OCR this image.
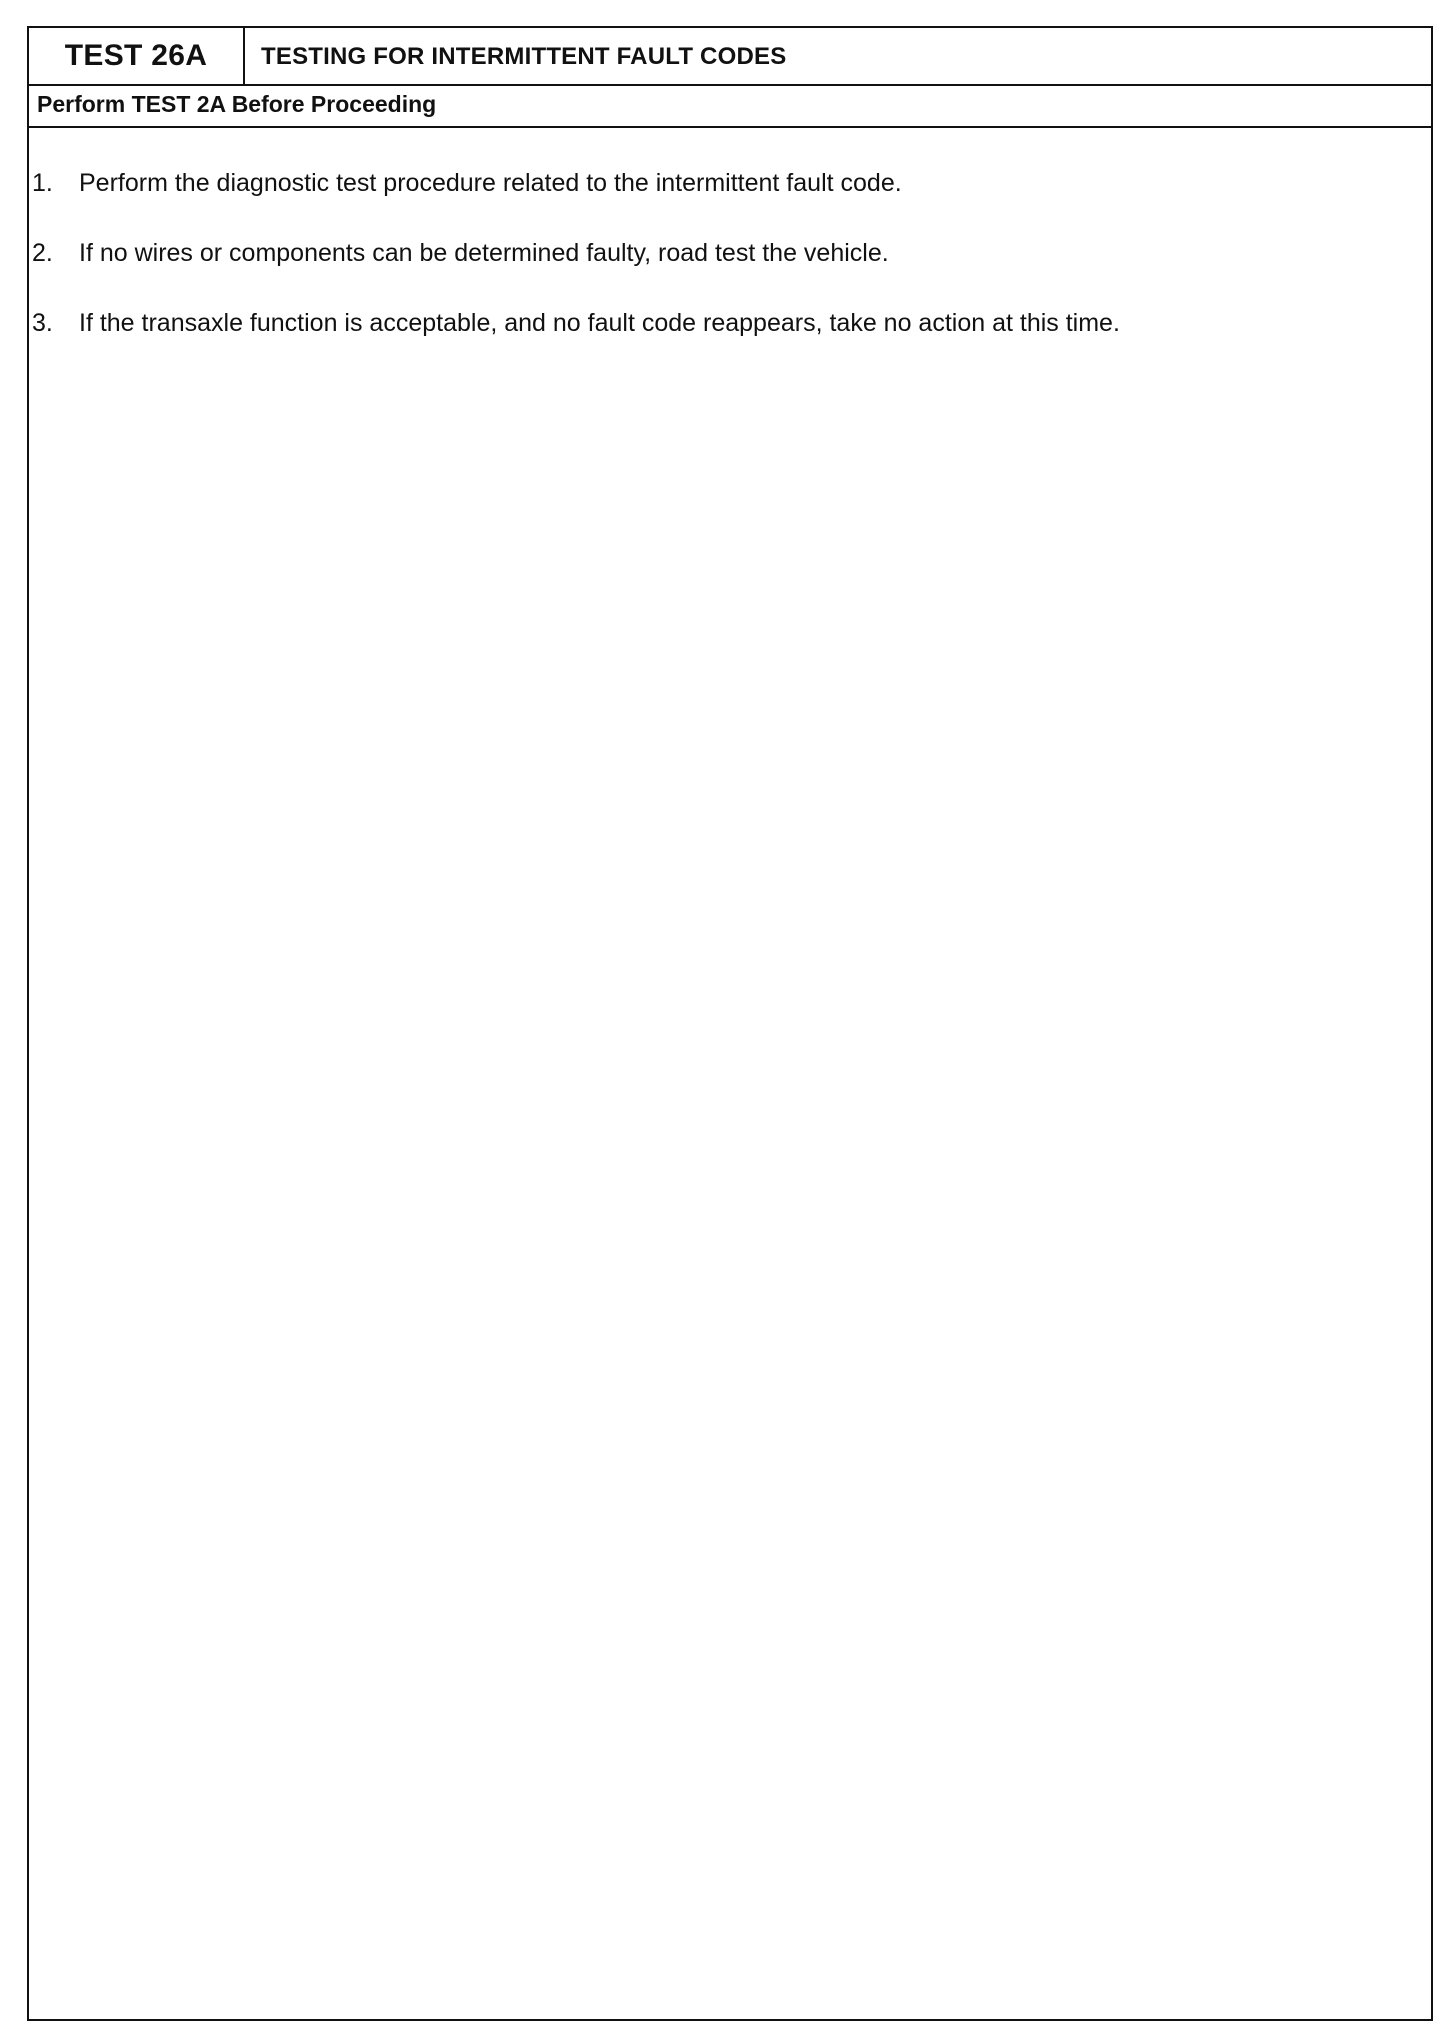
TEST 26A	TESTING FOR INTERMITTENT FAULT CODES
Perform TEST 2A Before Proceeding
1. Perform the diagnostic test procedure related to the intermittent fault code.
2. If no wires or components can be determined faulty, road test the vehicle.
3. If the transaxle function is acceptable, and no fault code reappears, take no action at this time.
